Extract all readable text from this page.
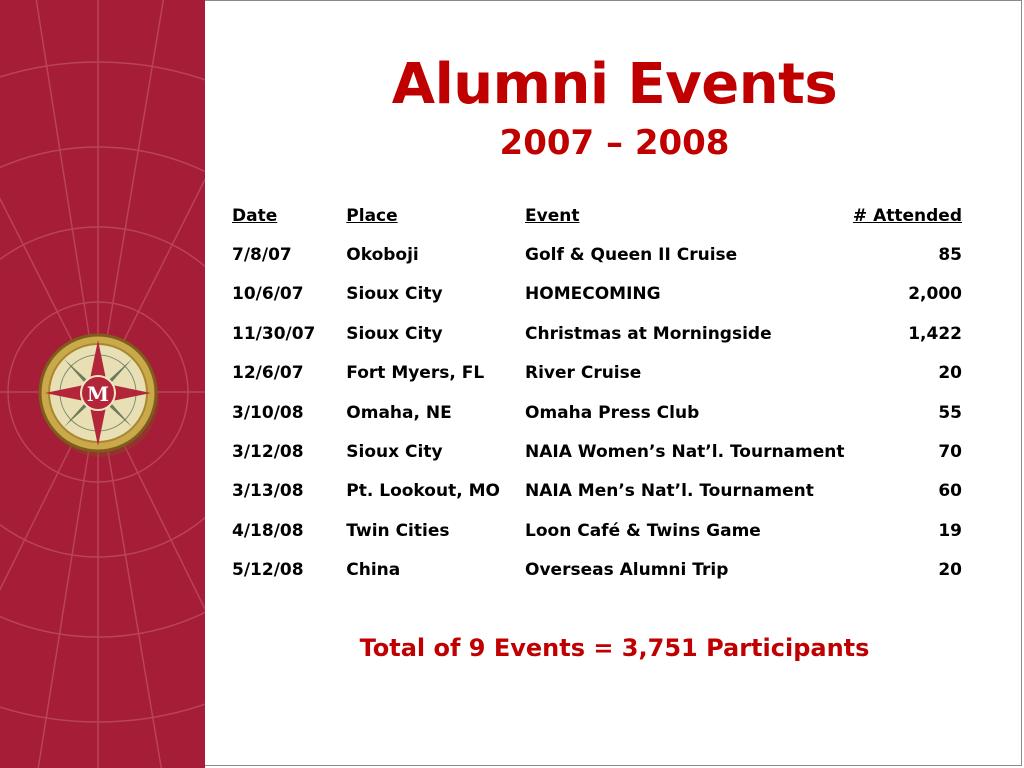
M
Alumni Events
2007 – 2008
Date	Place	Event	# Attended
7/8/07	Okoboji	Golf & Queen II Cruise	85
10/6/07	Sioux City	HOMECOMING	2,000
11/30/07	Sioux City	Christmas at Morningside	1,422
12/6/07	Fort Myers, FL	River Cruise	20
3/10/08	Omaha, NE	Omaha Press Club	55
3/12/08	Sioux City	NAIA Women’s Nat’l. Tournament	70
3/13/08	Pt. Lookout, MO	NAIA Men’s Nat’l. Tournament	60
4/18/08	Twin Cities	Loon Café & Twins Game	19
5/12/08	China	Overseas Alumni Trip	20
Total of 9 Events = 3,751 Participants
